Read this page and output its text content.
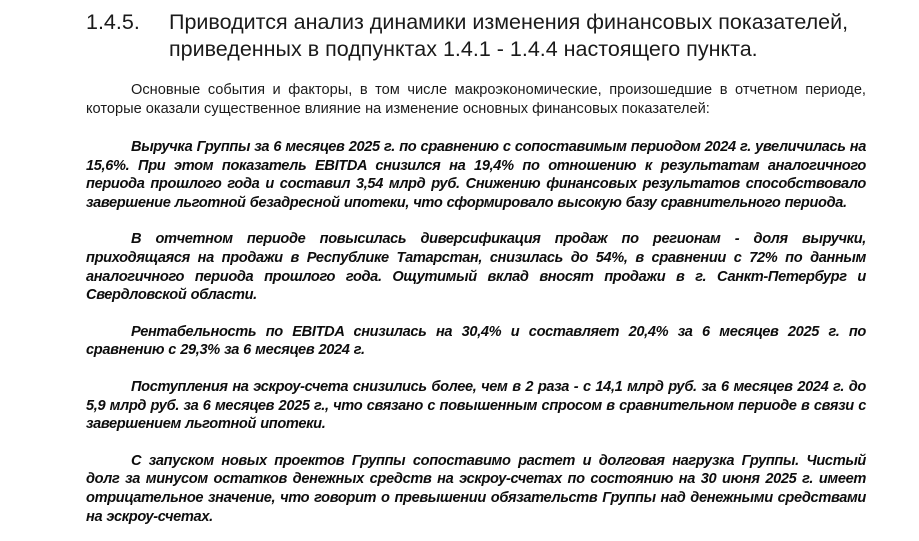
1.4.5.	Приводится анализ динамики изменения финансовых показателей, приведенных в подпунктах 1.4.1 - 1.4.4 настоящего пункта.

Основные события и факторы, в том числе макроэкономические, произошедшие в отчетном периоде, которые оказали существенное влияние на изменение основных финансовых показателей:

Выручка Группы за 6 месяцев 2025 г. по сравнению с сопоставимым периодом 2024 г. увеличилась на 15,6%. При этом показатель EBITDA снизился на 19,4% по отношению к результатам аналогичного периода прошлого года и составил 3,54 млрд руб. Снижению финансовых результатов способствовало завершение льготной безадресной ипотеки, что сформировало высокую базу сравнительного периода.

В отчетном периоде повысилась диверсификация продаж по регионам - доля выручки, приходящаяся на продажи в Республике Татарстан, снизилась до 54%, в сравнении с 72% по данным аналогичного периода прошлого года. Ощутимый вклад вносят продажи в г. Санкт-Петербург и Свердловской области.

Рентабельность по EBITDA снизилась на 30,4% и составляет 20,4% за 6 месяцев 2025 г. по сравнению с 29,3% за 6 месяцев 2024 г.

Поступления на эскроу-счета снизились более, чем в 2 раза - с 14,1 млрд руб. за 6 месяцев 2024 г. до 5,9 млрд руб. за 6 месяцев 2025 г., что связано с повышенным спросом в сравнительном периоде в связи с завершением льготной ипотеки.

С запуском новых проектов Группы сопоставимо растет и долговая нагрузка Группы. Чистый долг за минусом остатков денежных средств на эскроу-счетах по состоянию на 30 июня 2025 г. имеет отрицательное значение, что говорит о превышении обязательств Группы над денежными средствами на эскроу-счетах.
